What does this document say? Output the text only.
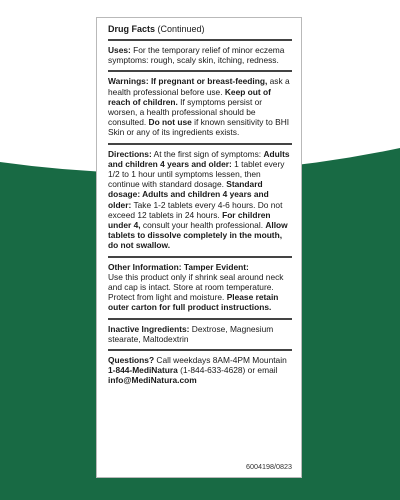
Drug Facts (Continued)
Uses: For the temporary relief of minor eczema symptoms: rough, scaly skin, itching, redness.
Warnings: If pregnant or breast-feeding, ask a health professional before use. Keep out of reach of children. If symptoms persist or worsen, a health professional should be consulted. Do not use if known sensitivity to BHI Skin or any of its ingredients exists.
Directions: At the first sign of symptoms: Adults and children 4 years and older: 1 tablet every 1/2 to 1 hour until symptoms lessen, then continue with standard dosage. Standard dosage: Adults and children 4 years and older: Take 1-2 tablets every 4-6 hours. Do not exceed 12 tablets in 24 hours. For children under 4, consult your health professional. Allow tablets to dissolve completely in the mouth, do not swallow.
Other Information: Tamper Evident:
Use this product only if shrink seal around neck and cap is intact. Store at room temperature. Protect from light and moisture. Please retain outer carton for full product instructions.
Inactive Ingredients: Dextrose, Magnesium stearate, Maltodextrin
Questions? Call weekdays 8AM-4PM Mountain 1-844-MediNatura (1-844-633-4628) or email info@MediNatura.com
6004198/0823
